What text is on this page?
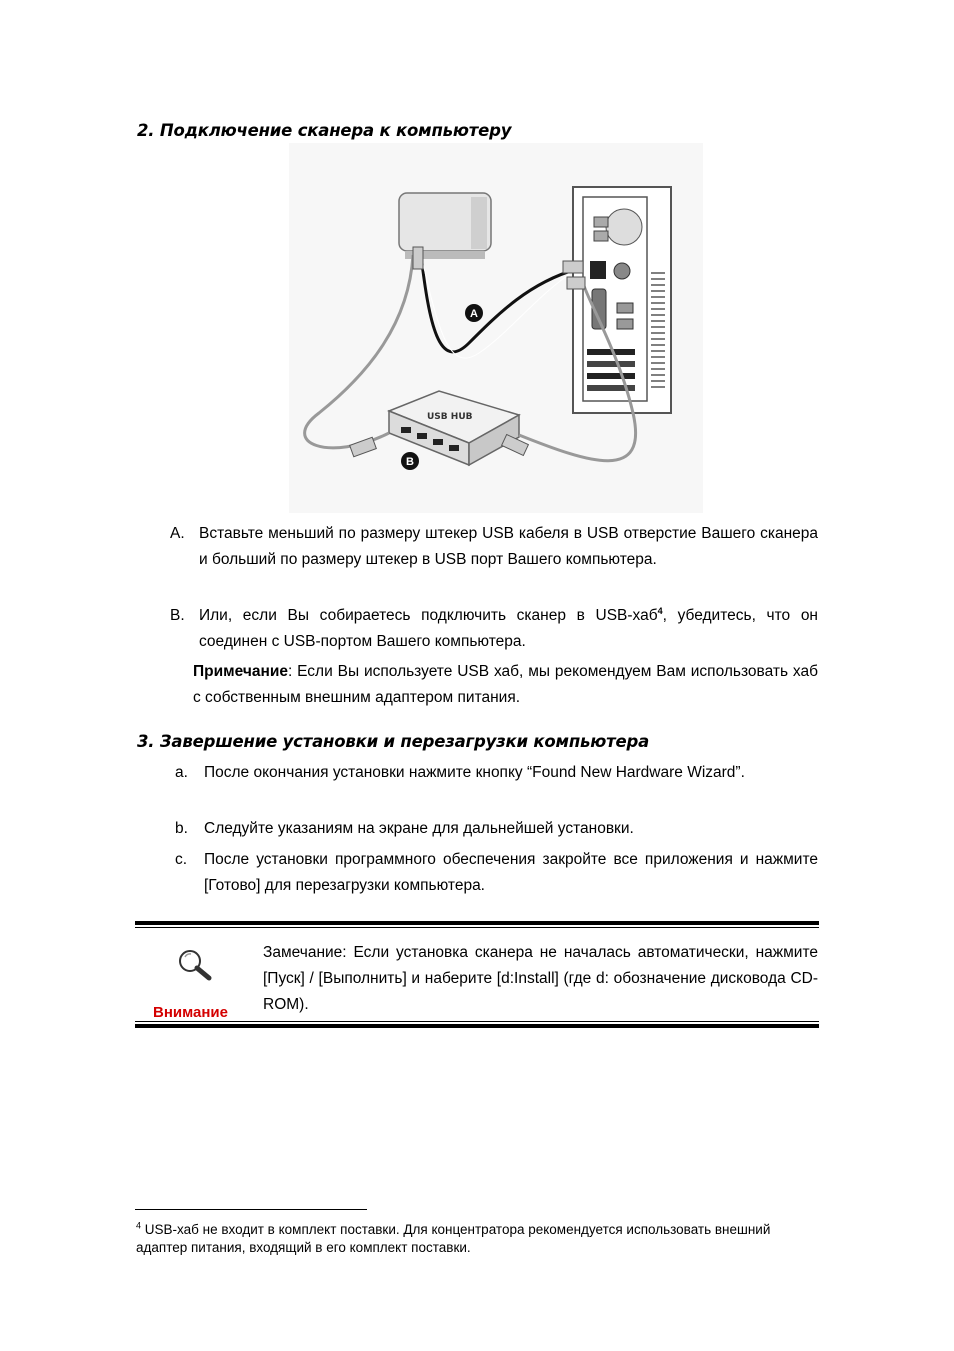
2. Подключение сканера к компьютеру
USB HUB
A
B
A. Вставьте меньший по размеру штекер USB кабеля в USB отверстие Вашего сканера и больший по размеру штекер в USB порт Вашего компьютера.
B. Или, если Вы собираетесь подключить сканер в USB-хаб$^4$, убедитесь, что он соединен с USB-портом Вашего компьютера.
Примечание: Если Вы используете USB хаб, мы рекомендуем Вам использовать хаб с собственным внешним адаптером питания.
3. Завершение установки и перезагрузки компьютера
a. После окончания установки нажмите кнопку “Found New Hardware Wizard”.
b. Следуйте указаниям на экране для дальнейшей установки.
c. После установки программного обеспечения закройте все приложения и нажмите [Готово] для перезагрузки компьютера.
Внимание
Замечание: Если установка сканера не началась автоматически, нажмите [Пуск] / [Выполнить] и наберите [d:Install] (где d: обозначение дисковода CD-ROM).
$^4$ USB-хаб не входит в комплект поставки. Для концентратора рекомендуется использовать внешний адаптер питания, входящий в его комплект поставки.
